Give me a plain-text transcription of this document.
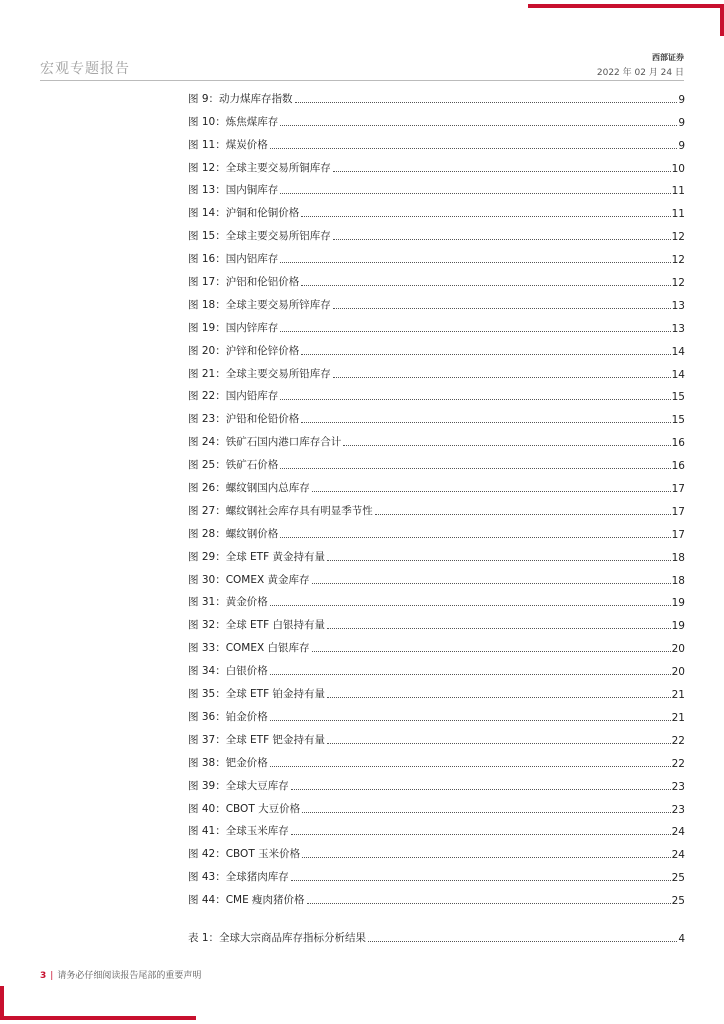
宏观专题报告
西部证券
2022 年 02 月 24 日
图 9：动力煤库存指数	9
图 10：炼焦煤库存	9
图 11：煤炭价格	9
图 12：全球主要交易所铜库存	10
图 13：国内铜库存	11
图 14：沪铜和伦铜价格	11
图 15：全球主要交易所铝库存	12
图 16：国内铝库存	12
图 17：沪铝和伦铝价格	12
图 18：全球主要交易所锌库存	13
图 19：国内锌库存	13
图 20：沪锌和伦锌价格	14
图 21：全球主要交易所铅库存	14
图 22：国内铅库存	15
图 23：沪铅和伦铅价格	15
图 24：铁矿石国内港口库存合计	16
图 25：铁矿石价格	16
图 26：螺纹钢国内总库存	17
图 27：螺纹钢社会库存具有明显季节性	17
图 28：螺纹钢价格	17
图 29：全球 ETF 黄金持有量	18
图 30：COMEX 黄金库存	18
图 31：黄金价格	19
图 32：全球 ETF 白银持有量	19
图 33：COMEX 白银库存	20
图 34：白银价格	20
图 35：全球 ETF 铂金持有量	21
图 36：铂金价格	21
图 37：全球 ETF 钯金持有量	22
图 38：钯金价格	22
图 39：全球大豆库存	23
图 40：CBOT 大豆价格	23
图 41：全球玉米库存	24
图 42：CBOT 玉米价格	24
图 43：全球猪肉库存	25
图 44：CME 瘦肉猪价格	25
表 1：全球大宗商品库存指标分析结果	4
3 | 请务必仔细阅读报告尾部的重要声明
